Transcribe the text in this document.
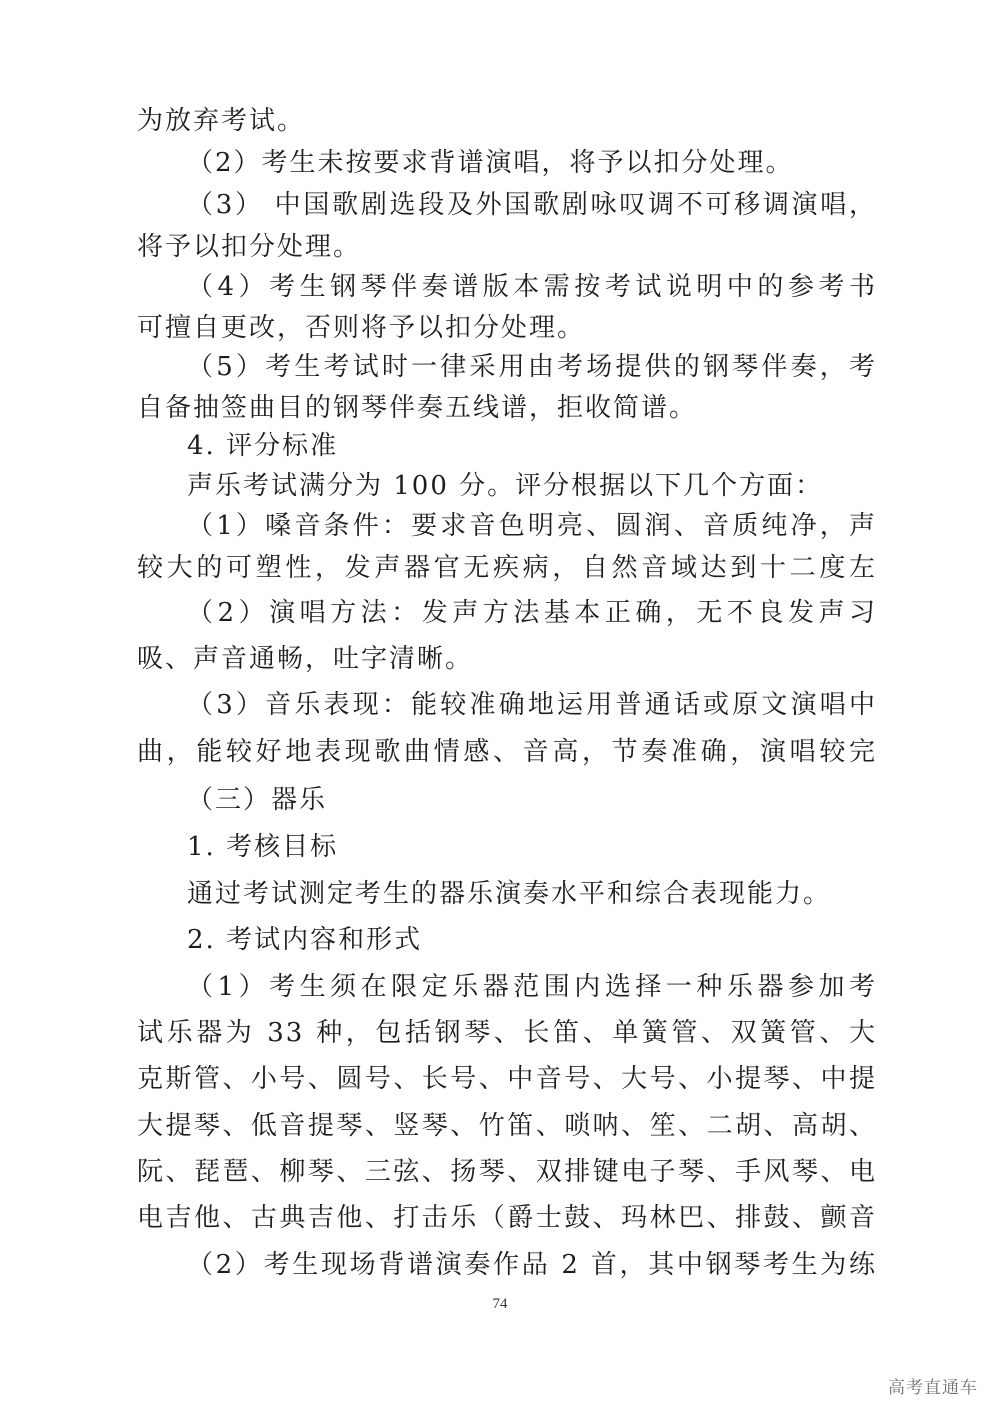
为放弃考试。
（2）考生未按要求背谱演唱，将予以扣分处理。
（3） 中国歌剧选段及外国歌剧咏叹调不可移调演唱，
将予以扣分处理。
（4）考生钢琴伴奏谱版本需按考试说明中的参考书
可擅自更改，否则将予以扣分处理。
（5）考生考试时一律采用由考场提供的钢琴伴奏，考
自备抽签曲目的钢琴伴奏五线谱，拒收简谱。
4. 评分标准
声乐考试满分为 100 分。评分根据以下几个方面：
（1）嗓音条件：要求音色明亮、圆润、音质纯净，声
较大的可塑性，发声器官无疾病，自然音域达到十二度左
（2）演唱方法：发声方法基本正确，无不良发声习
吸、声音通畅，吐字清晰。
（3）音乐表现：能较准确地运用普通话或原文演唱中
曲，能较好地表现歌曲情感、音高，节奏准确，演唱较完
（三）器乐
1. 考核目标
通过考试测定考生的器乐演奏水平和综合表现能力。
2. 考试内容和形式
（1）考生须在限定乐器范围内选择一种乐器参加考
试乐器为 33 种，包括钢琴、长笛、单簧管、双簧管、大
克斯管、小号、圆号、长号、中音号、大号、小提琴、中提
大提琴、低音提琴、竖琴、竹笛、唢呐、笙、二胡、高胡、
阮、琵琶、柳琴、三弦、扬琴、双排键电子琴、手风琴、电
电吉他、古典吉他、打击乐（爵士鼓、玛林巴、排鼓、颤音
（2）考生现场背谱演奏作品 2 首，其中钢琴考生为练
74
高考直通车
